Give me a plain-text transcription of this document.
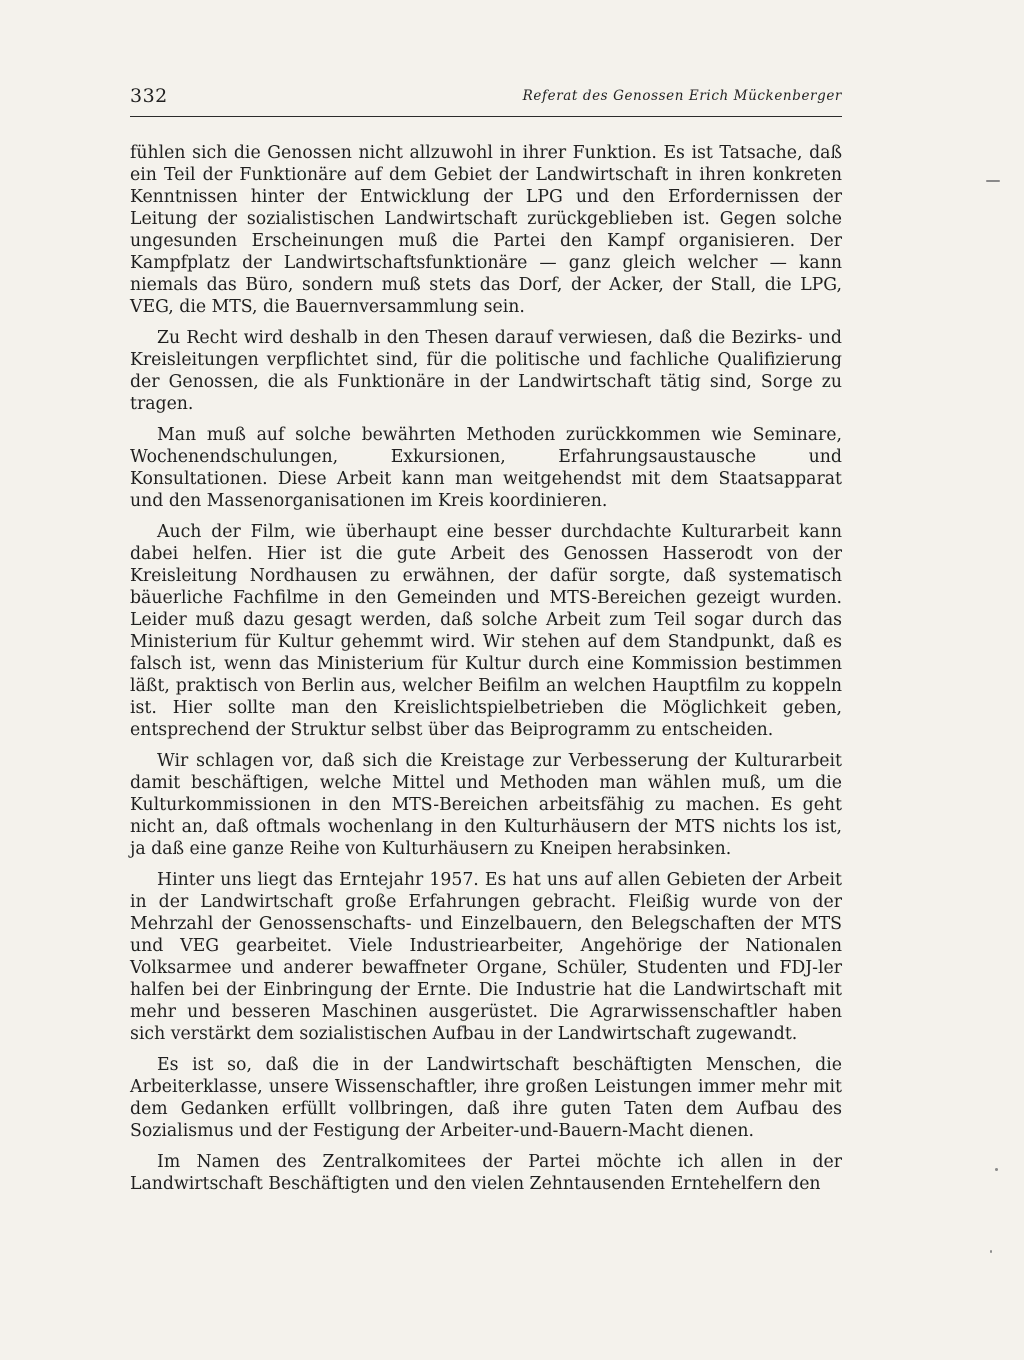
332	Referat des Genossen Erich Mückenberger

fühlen sich die Genossen nicht allzuwohl in ihrer Funktion. Es ist Tatsache, daß ein Teil der Funktionäre auf dem Gebiet der Landwirtschaft in ihren konkreten Kenntnissen hinter der Entwicklung der LPG und den Erfordernissen der Leitung der sozialistischen Landwirtschaft zurückgeblieben ist. Gegen solche ungesunden Erscheinungen muß die Partei den Kampf organisieren. Der Kampfplatz der Landwirtschaftsfunktionäre — ganz gleich welcher — kann niemals das Büro, sondern muß stets das Dorf, der Acker, der Stall, die LPG, VEG, die MTS, die Bauernversammlung sein.

Zu Recht wird deshalb in den Thesen darauf verwiesen, daß die Bezirks- und Kreisleitungen verpflichtet sind, für die politische und fachliche Qualifizierung der Genossen, die als Funktionäre in der Landwirtschaft tätig sind, Sorge zu tragen.

Man muß auf solche bewährten Methoden zurückkommen wie Seminare, Wochenendschulungen, Exkursionen, Erfahrungsaustausche und Konsultationen. Diese Arbeit kann man weitgehendst mit dem Staatsapparat und den Massenorganisationen im Kreis koordinieren.

Auch der Film, wie überhaupt eine besser durchdachte Kulturarbeit kann dabei helfen. Hier ist die gute Arbeit des Genossen Hasserodt von der Kreisleitung Nordhausen zu erwähnen, der dafür sorgte, daß systematisch bäuerliche Fachfilme in den Gemeinden und MTS-Bereichen gezeigt wurden. Leider muß dazu gesagt werden, daß solche Arbeit zum Teil sogar durch das Ministerium für Kultur gehemmt wird. Wir stehen auf dem Standpunkt, daß es falsch ist, wenn das Ministerium für Kultur durch eine Kommission bestimmen läßt, praktisch von Berlin aus, welcher Beifilm an welchen Hauptfilm zu koppeln ist. Hier sollte man den Kreislichtspielbetrieben die Möglichkeit geben, entsprechend der Struktur selbst über das Beiprogramm zu entscheiden.

Wir schlagen vor, daß sich die Kreistage zur Verbesserung der Kulturarbeit damit beschäftigen, welche Mittel und Methoden man wählen muß, um die Kulturkommissionen in den MTS-Bereichen arbeitsfähig zu machen. Es geht nicht an, daß oftmals wochenlang in den Kulturhäusern der MTS nichts los ist, ja daß eine ganze Reihe von Kulturhäusern zu Kneipen herabsinken.

Hinter uns liegt das Erntejahr 1957. Es hat uns auf allen Gebieten der Arbeit in der Landwirtschaft große Erfahrungen gebracht. Fleißig wurde von der Mehrzahl der Genossenschafts- und Einzelbauern, den Belegschaften der MTS und VEG gearbeitet. Viele Industriearbeiter, Angehörige der Nationalen Volksarmee und anderer bewaffneter Organe, Schüler, Studenten und FDJ-ler halfen bei der Einbringung der Ernte. Die Industrie hat die Landwirtschaft mit mehr und besseren Maschinen ausgerüstet. Die Agrarwissenschaftler haben sich verstärkt dem sozialistischen Aufbau in der Landwirtschaft zugewandt.

Es ist so, daß die in der Landwirtschaft beschäftigten Menschen, die Arbeiterklasse, unsere Wissenschaftler, ihre großen Leistungen immer mehr mit dem Gedanken erfüllt vollbringen, daß ihre guten Taten dem Aufbau des Sozialismus und der Festigung der Arbeiter-und-Bauern-Macht dienen.

Im Namen des Zentralkomitees der Partei möchte ich allen in der Landwirtschaft Beschäftigten und den vielen Zehntausenden Erntehelfern den
